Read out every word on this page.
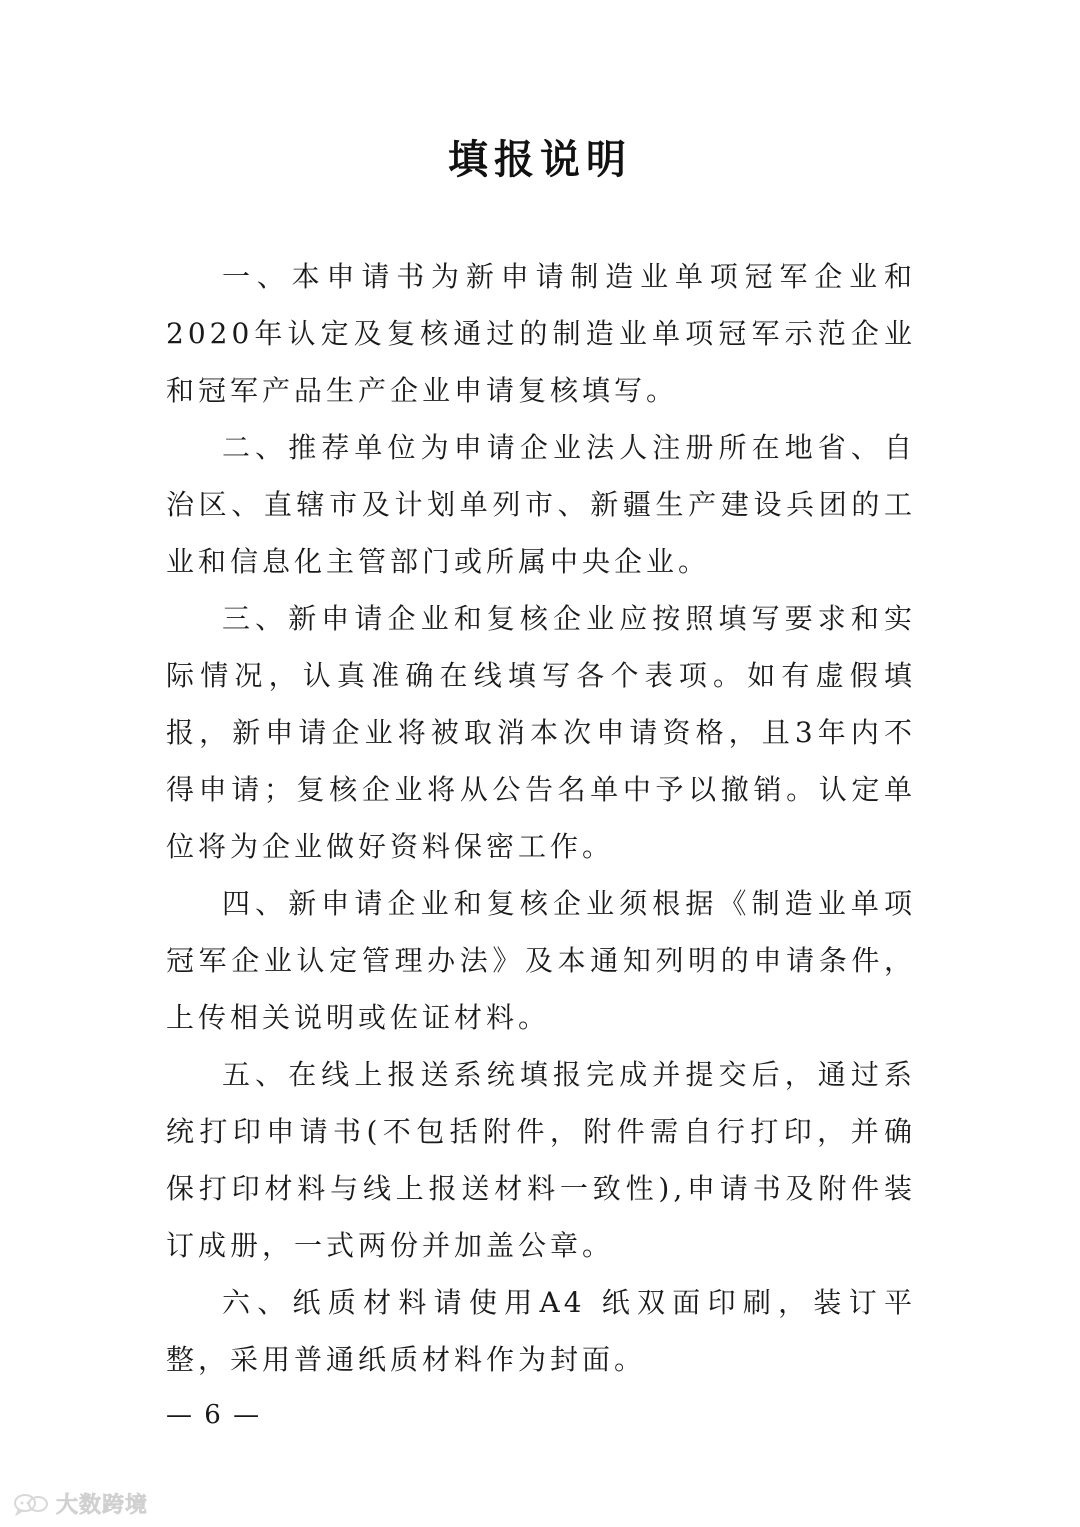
填报说明

一、本申请书为新申请制造业单项冠军企业和2020年认定及复核通过的制造业单项冠军示范企业和冠军产品生产企业申请复核填写。

二、推荐单位为申请企业法人注册所在地省、自治区、直辖市及计划单列市、新疆生产建设兵团的工业和信息化主管部门或所属中央企业。

三、新申请企业和复核企业应按照填写要求和实际情况，认真准确在线填写各个表项。如有虚假填报，新申请企业将被取消本次申请资格，且3年内不得申请；复核企业将从公告名单中予以撤销。认定单位将为企业做好资料保密工作。

四、新申请企业和复核企业须根据《制造业单项冠军企业认定管理办法》及本通知列明的申请条件，上传相关说明或佐证材料。

五、在线上报送系统填报完成并提交后，通过系统打印申请书(不包括附件，附件需自行打印，并确保打印材料与线上报送材料一致性),申请书及附件装订成册，一式两份并加盖公章。

六、纸质材料请使用A4 纸双面印刷，装订平整，采用普通纸质材料作为封面。

— 6 —
大数跨境
